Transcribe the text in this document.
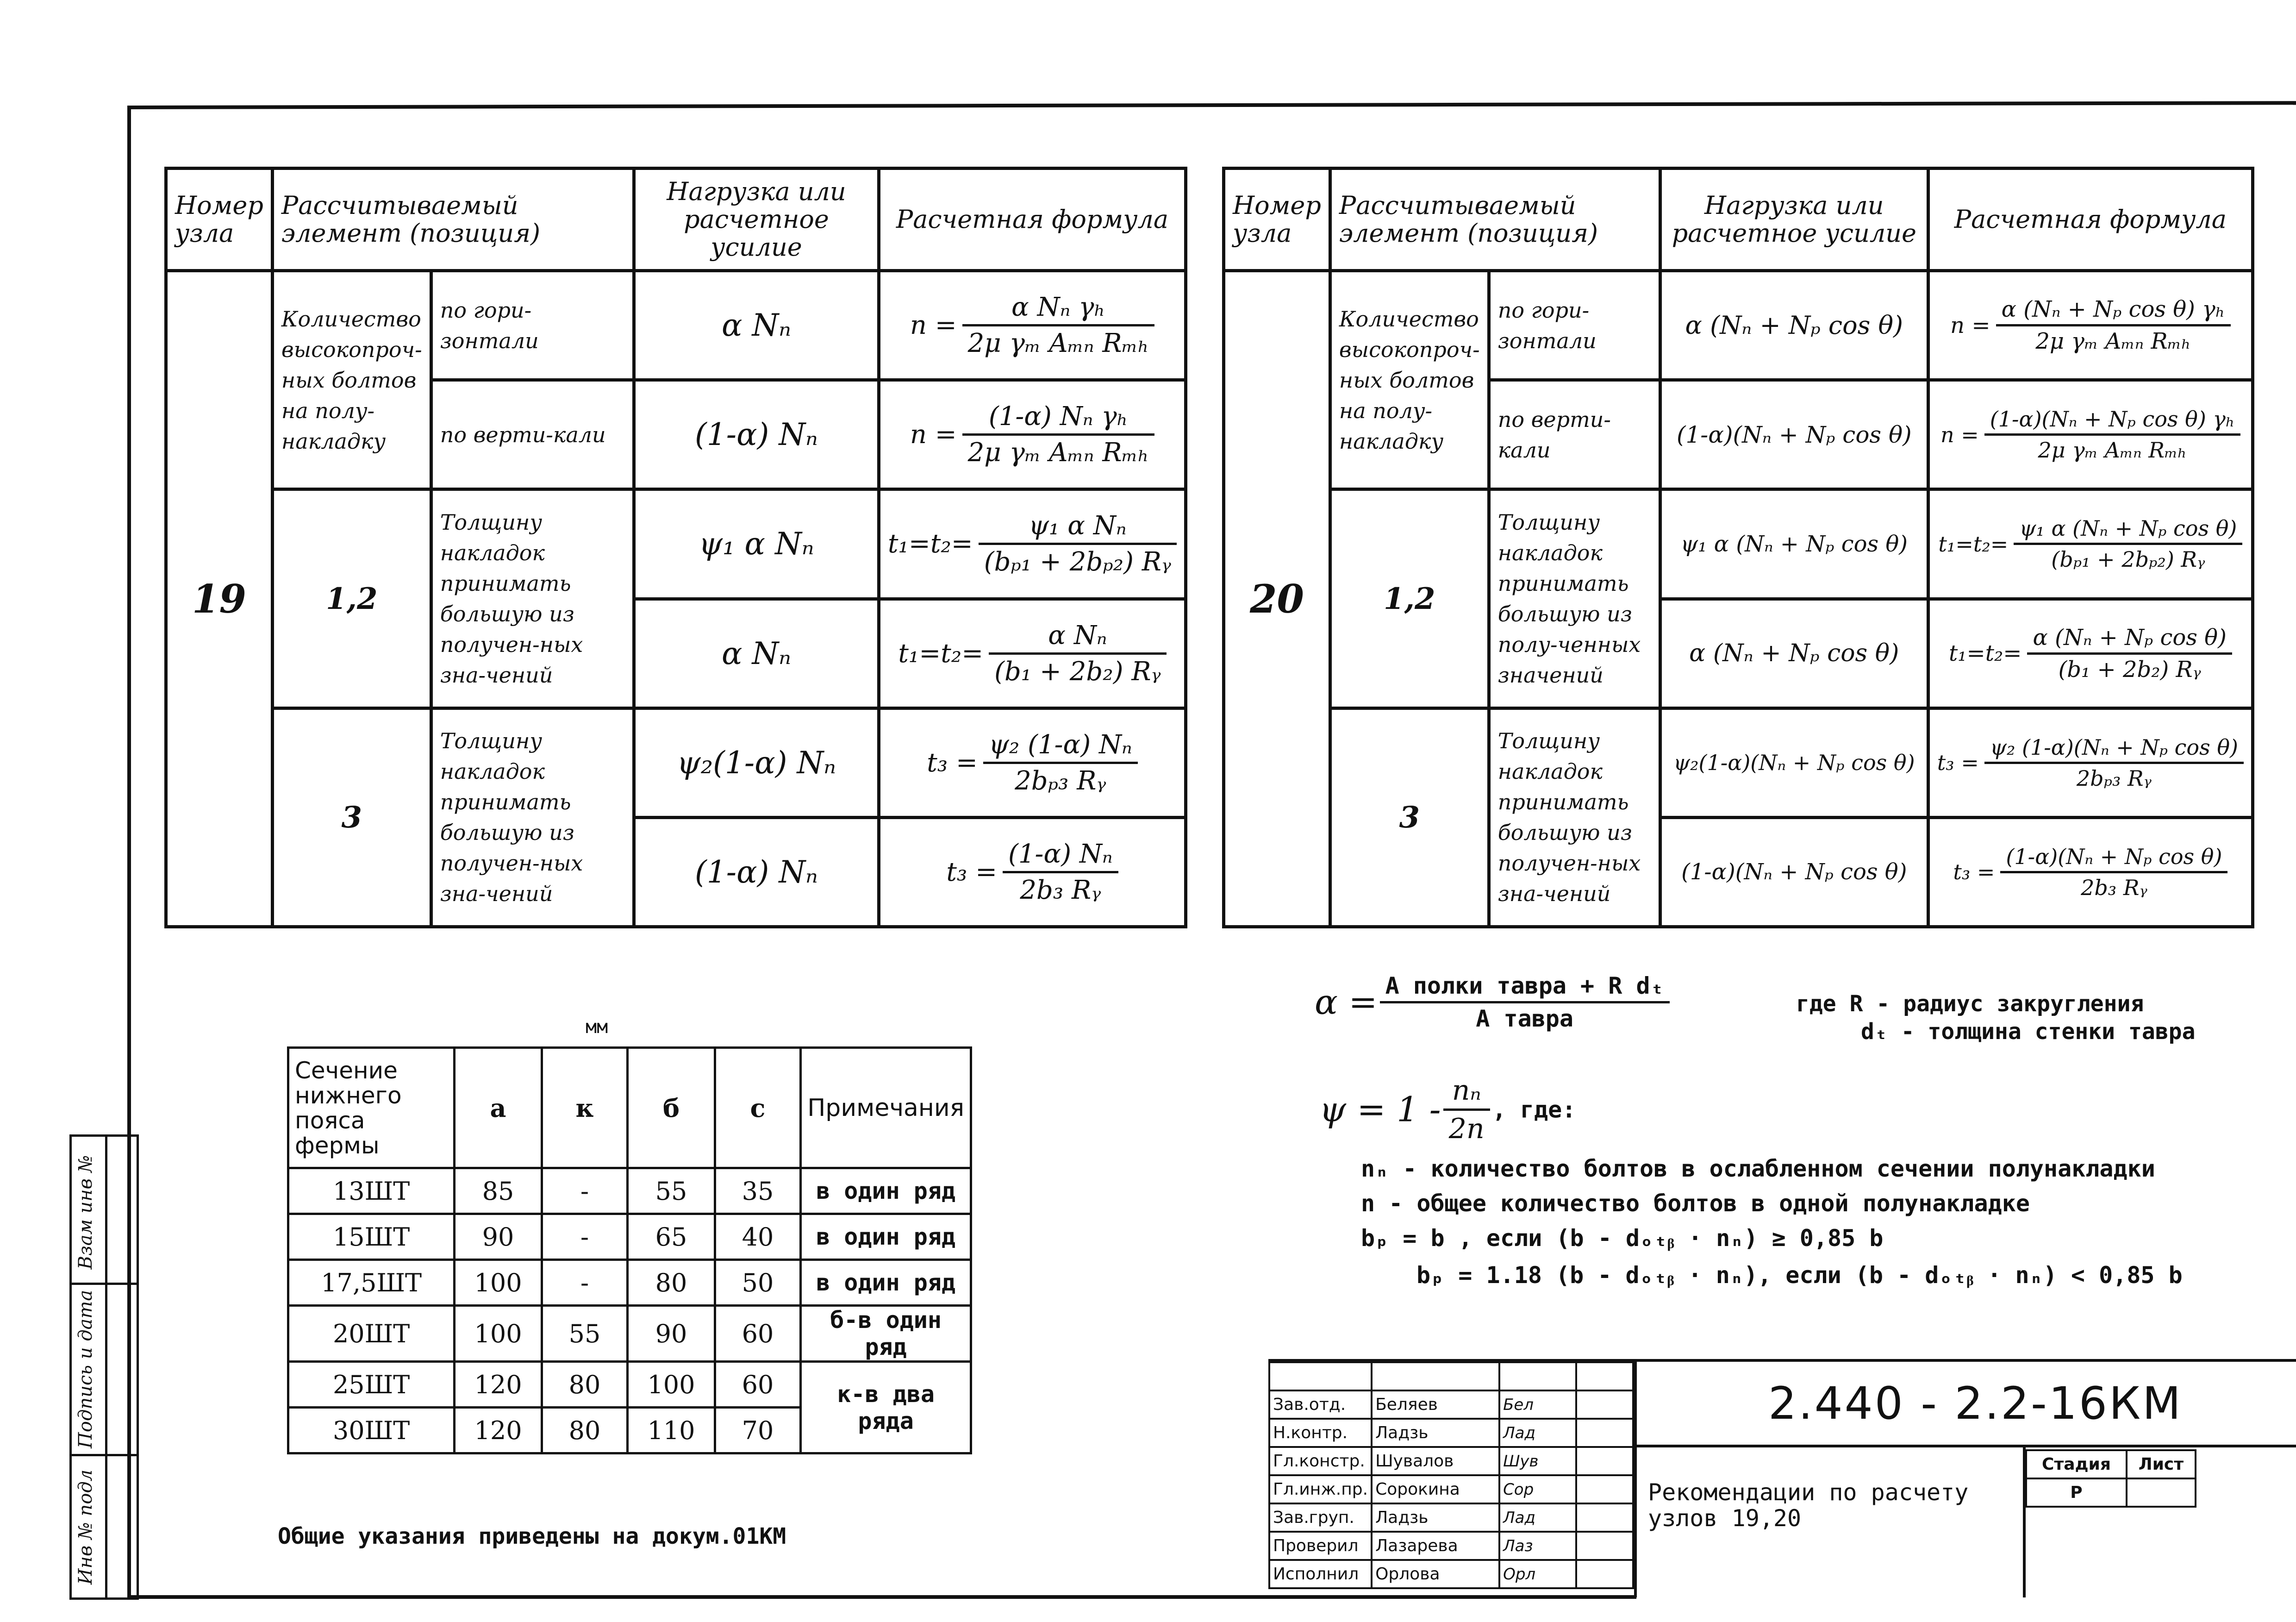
Номер узла	Рассчитываемый элемент (позиция)		Нагрузка или расчетное усилие	Расчетная формула
19	Количество высокопроч-ных болтов на полу-накладку	по гори-зонтали	α Nₙ	$n = \frac{\text{α Nₙ γₕ}}{\text{2μ γₘ Aₘₙ Rₘₕ}}$

		по верти-кали	(1-α) Nₙ	$n = \frac{\text{(1-α) Nₙ γₕ}}{\text{2μ γₘ Aₘₙ Rₘₕ}}$

	1,2	Толщину накладок принимать большую из получен-ных зна-чений	ψ₁ α Nₙ	$t_1=t_2= \frac{\text{ψ₁ α Nₙ}}{\text{(bₚ₁ + 2bₚ₂) Rᵧ}}$

			α Nₙ	$t_1=t_2= \frac{\text{α Nₙ}}{\text{(b₁ + 2b₂) Rᵧ}}$

	3	Толщину накладок принимать большую из получен-ных зна-чений	ψ₂(1-α) Nₙ	$t_3 = \frac{\text{ψ₂ (1-α) Nₙ}}{\text{2bₚ₃ Rᵧ}}$

			(1-α) Nₙ	$t_3 = \frac{\text{(1-α) Nₙ}}{\text{2b₃ Rᵧ}}$
Номер узла	Рассчитываемый элемент (позиция)		Нагрузка или расчетное усилие	Расчетная формула
20	Количество высокопроч-ных болтов на полу-накладку	по гори-зонтали	α (Nₙ + Nₚ cos θ)	$n = \frac{\text{α (Nₙ + Nₚ cos θ) γₕ}}{\text{2μ γₘ Aₘₙ Rₘₕ}}$

		по верти-кали	(1-α)(Nₙ + Nₚ cos θ)	$n = \frac{\text{(1-α)(Nₙ + Nₚ cos θ) γₕ}}{\text{2μ γₘ Aₘₙ Rₘₕ}}$

	1,2	Толщину накладок принимать большую из полу-ченных значений	ψ₁ α (Nₙ + Nₚ cos θ)	$t_1=t_2= \frac{\text{ψ₁ α (Nₙ + Nₚ cos θ)}}{\text{(bₚ₁ + 2bₚ₂) Rᵧ}}$

			α (Nₙ + Nₚ cos θ)	$t_1=t_2= \frac{\text{α (Nₙ + Nₚ cos θ)}}{\text{(b₁ + 2b₂) Rᵧ}}$

	3	Толщину накладок принимать большую из получен-ных зна-чений	ψ₂(1-α)(Nₙ + Nₚ cos θ)	$t_3 = \frac{\text{ψ₂ (1-α)(Nₙ + Nₚ cos θ)}}{\text{2bₚ₃ Rᵧ}}$

			(1-α)(Nₙ + Nₚ cos θ)	$t_3 = \frac{\text{(1-α)(Nₙ + Nₚ cos θ)}}{\text{2b₃ Rᵧ}}$
мм
Сечение нижнего пояса фермы	а	к	б	с	Примечания
13ШТ	85	-	55	35	в один ряд
15ШТ	90	-	65	40	в один ряд
17,5ШТ	100	-	80	50	в один ряд
20ШТ	100	55	90	60	б-в один ряд
25ШТ	120	80	100	60	к-в два ряда
30ШТ	120	80	110	70	
$\alpha = \frac{\text{A полки тавра + R dₜ}}{\text{A тавра}}$	где R - радиус закругления
dₜ - толщина стенки тавра
$\psi = 1 - \frac{\text{nₙ}}{2n}$ , где:
nₙ - количество болтов в ослабленном сечении полунакладки
n - общее количество болтов в одной полунакладке
bₚ = b , если (b - dₒₜᵦ · nₙ) ≥ 0,85 b
bₚ = 1.18 (b - dₒₜᵦ · nₙ), если (b - dₒₜᵦ · nₙ) < 0,85 b
Общие указания приведены на докум.01КМ
Взам инв №	

Подпись и дата	

Инв № подл	

Зав.отд.	Беляев	Бел	
Н.контр.	Ладзь	Лад	
Гл.констр.	Шувалов	Шув	
Гл.инж.пр.	Сорокина	Сор	
Зав.груп.	Ладзь	Лад	
Проверил	Лазарева	Лаз	
Исполнил	Орлова	Орл	
2.440 - 2.2-16КМ
Рекомендации по расчету узлов 19,20
Стадия	Лист
Р	
